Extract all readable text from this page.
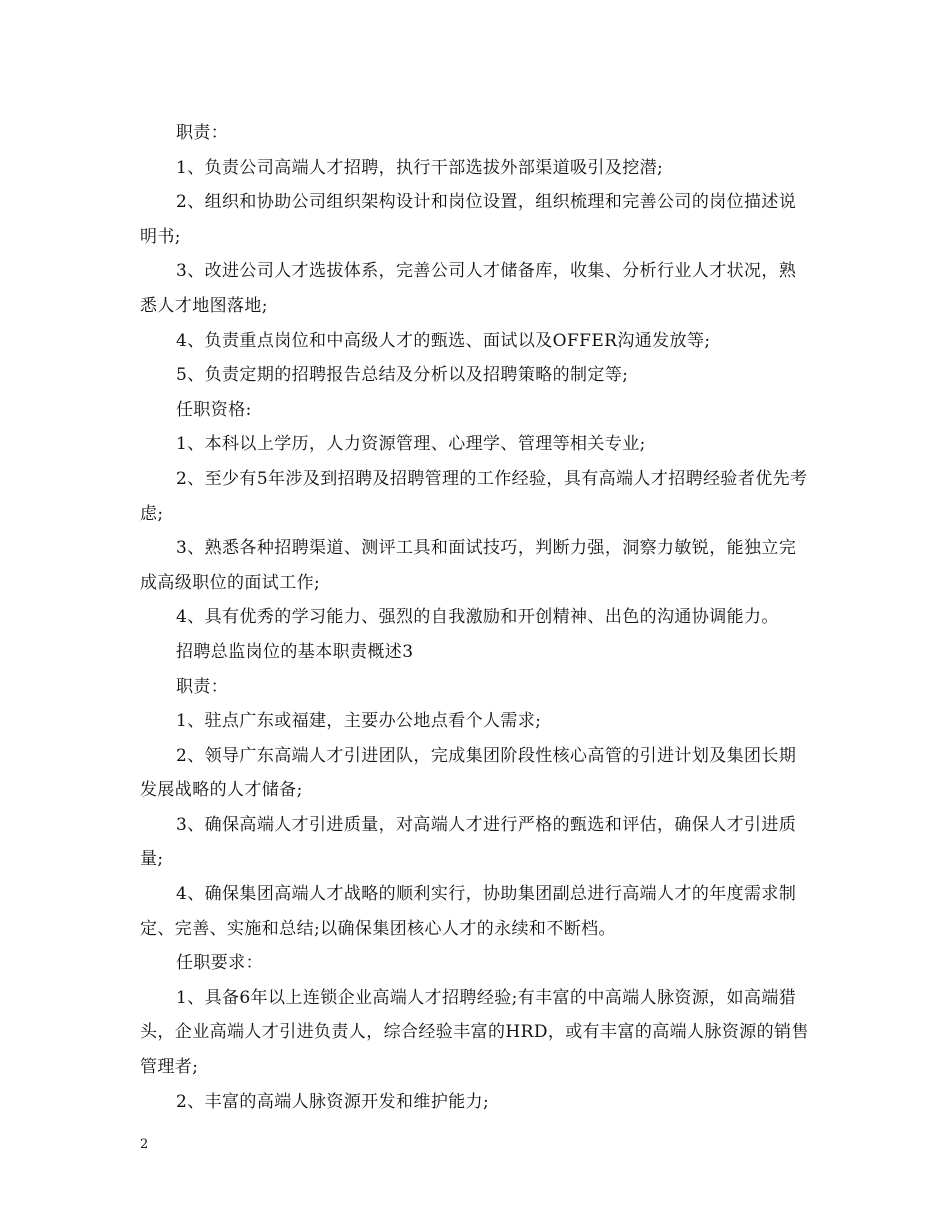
职责：

1、负责公司高端人才招聘，执行干部选拔外部渠道吸引及挖潜;

2、组织和协助公司组织架构设计和岗位设置，组织梳理和完善公司的岗位描述说明书;

3、改进公司人才选拔体系，完善公司人才储备库，收集、分析行业人才状况，熟悉人才地图落地;

4、负责重点岗位和中高级人才的甄选、面试以及OFFER沟通发放等;

5、负责定期的招聘报告总结及分析以及招聘策略的制定等;

任职资格:

1、本科以上学历，人力资源管理、心理学、管理等相关专业;

2、至少有5年涉及到招聘及招聘管理的工作经验，具有高端人才招聘经验者优先考虑;

3、熟悉各种招聘渠道、测评工具和面试技巧，判断力强，洞察力敏锐，能独立完成高级职位的面试工作;

4、具有优秀的学习能力、强烈的自我激励和开创精神、出色的沟通协调能力。

招聘总监岗位的基本职责概述3

职责：

1、驻点广东或福建，主要办公地点看个人需求;

2、领导广东高端人才引进团队，完成集团阶段性核心高管的引进计划及集团长期发展战略的人才储备;

3、确保高端人才引进质量，对高端人才进行严格的甄选和评估，确保人才引进质量;

4、确保集团高端人才战略的顺利实行，协助集团副总进行高端人才的年度需求制定、完善、实施和总结;以确保集团核心人才的永续和不断档。

任职要求：

1、具备6年以上连锁企业高端人才招聘经验;有丰富的中高端人脉资源，如高端猎头，企业高端人才引进负责人，综合经验丰富的HRD，或有丰富的高端人脉资源的销售管理者;

2、丰富的高端人脉资源开发和维护能力;

2
